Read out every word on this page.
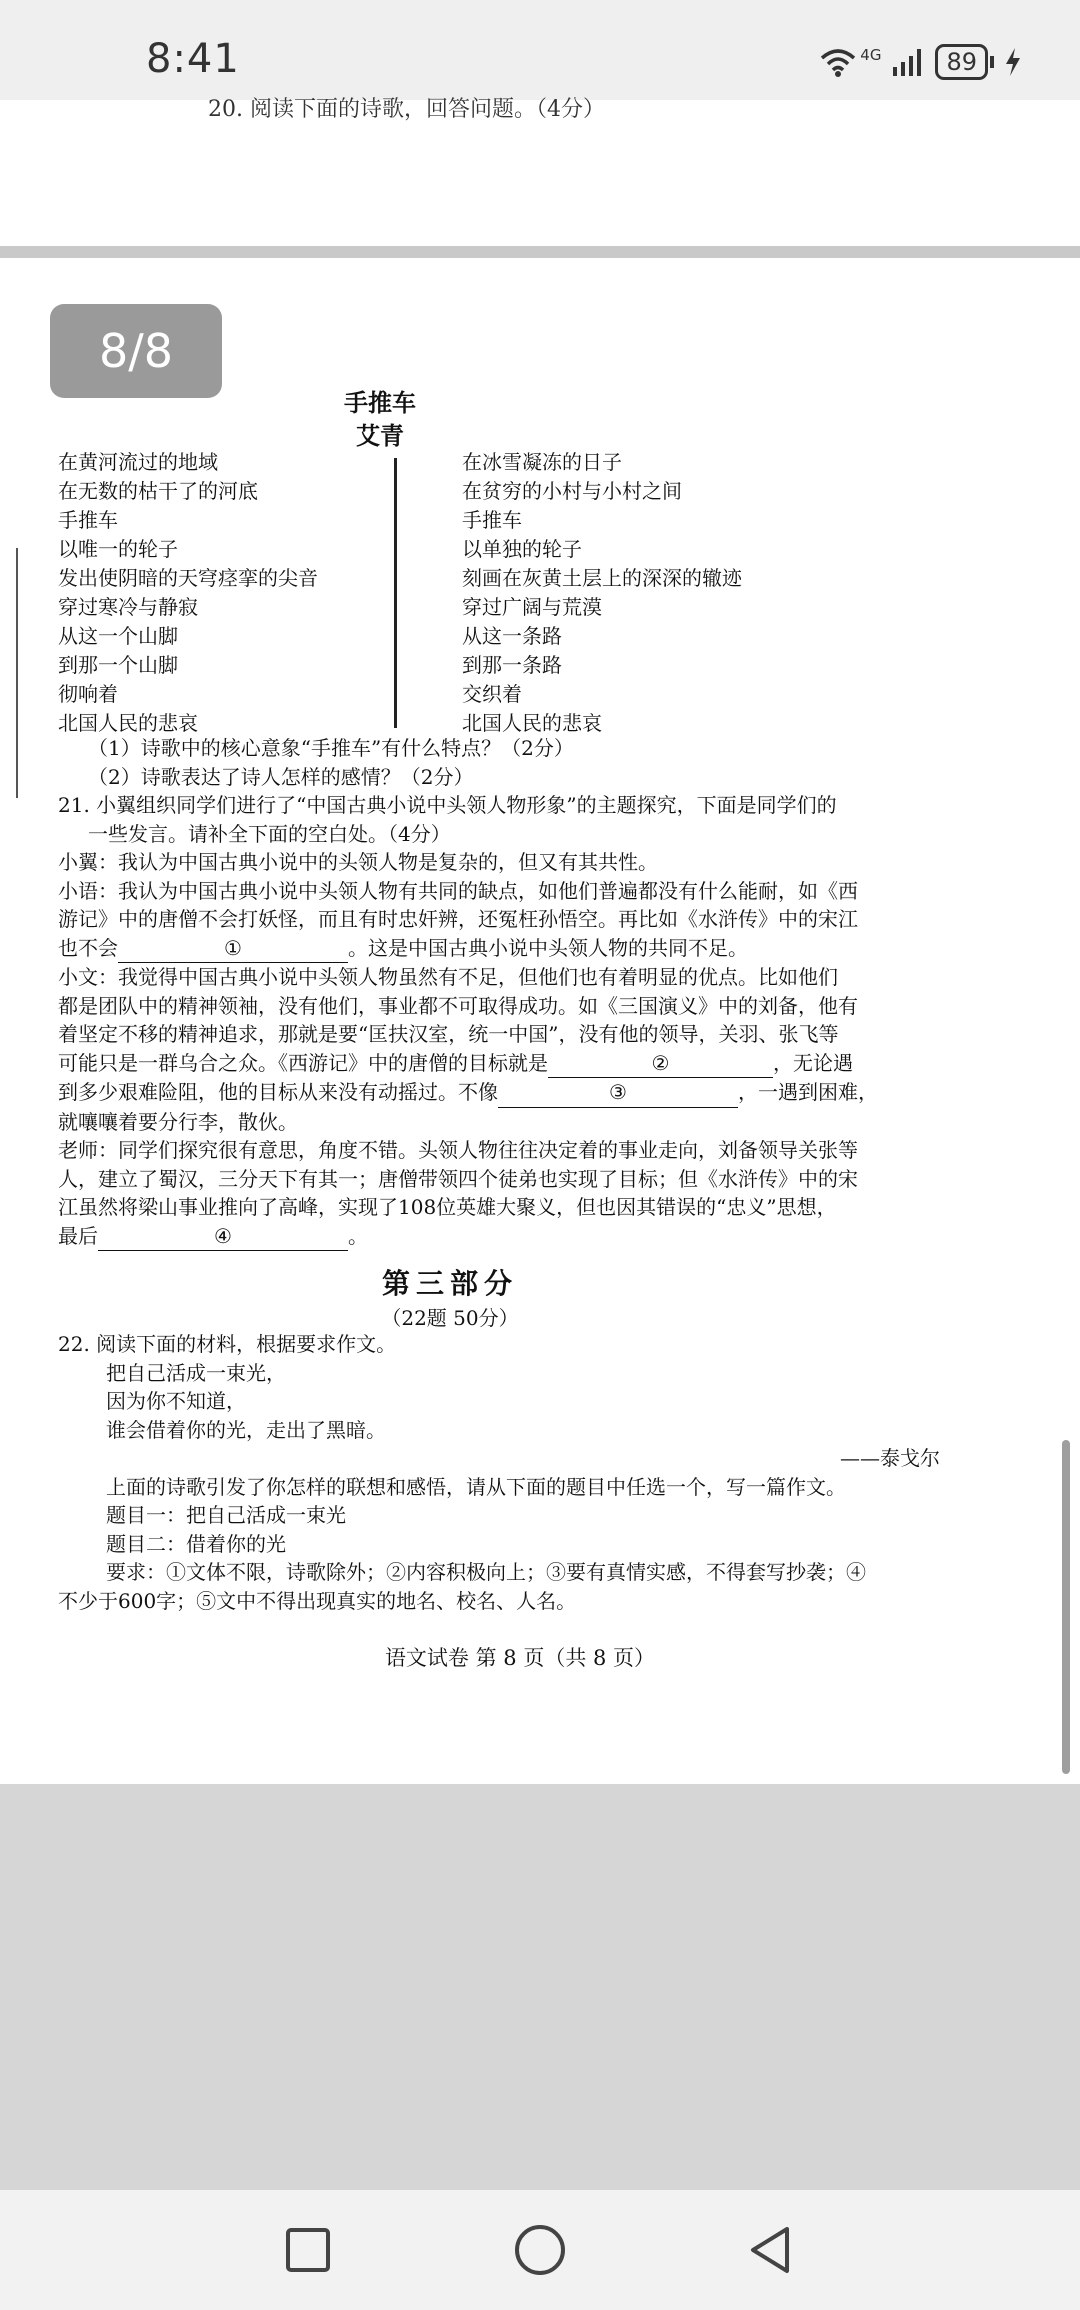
8:41	4G	89
20. 阅读下面的诗歌，回答问题。（4分）
8/8
手推车
艾青
在黄河流过的地域
在无数的枯干了的河底
手推车
以唯一的轮子
发出使阴暗的天穹痉挛的尖音
穿过寒冷与静寂
从这一个山脚
到那一个山脚
彻响着
北国人民的悲哀
在冰雪凝冻的日子
在贫穷的小村与小村之间
手推车
以单独的轮子
刻画在灰黄土层上的深深的辙迹
穿过广阔与荒漠
从这一条路
到那一条路
交织着
北国人民的悲哀

（1）诗歌中的核心意象“手推车”有什么特点？（2分）

（2）诗歌表达了诗人怎样的感情？（2分）

21. 小翼组织同学们进行了“中国古典小说中头领人物形象”的主题探究，下面是同学们的

一些发言。请补全下面的空白处。（4分）

小翼：我认为中国古典小说中的头领人物是复杂的，但又有其共性。

小语：我认为中国古典小说中头领人物有共同的缺点，如他们普遍都没有什么能耐，如《西

游记》中的唐僧不会打妖怪，而且有时忠奸辨，还冤枉孙悟空。再比如《水浒传》中的宋江

也不会	①	。这是中国古典小说中头领人物的共同不足。

小文：我觉得中国古典小说中头领人物虽然有不足，但他们也有着明显的优点。比如他们

都是团队中的精神领袖，没有他们，事业都不可取得成功。如《三国演义》中的刘备，他有

着坚定不移的精神追求，那就是要“匡扶汉室，统一中国”，没有他的领导，关羽、张飞等

可能只是一群乌合之众。《西游记》中的唐僧的目标就是	②	，无论遇

到多少艰难险阻，他的目标从来没有动摇过。不像	③	，一遇到困难，

就嚷嚷着要分行李，散伙。

老师：同学们探究很有意思，角度不错。头领人物往往决定着的事业走向，刘备领导关张等

人，建立了蜀汉，三分天下有其一；唐僧带领四个徒弟也实现了目标；但《水浒传》中的宋

江虽然将梁山事业推向了高峰，实现了108位英雄大聚义，但也因其错误的“忠义”思想，

最后	④	。

第三部分
（22题 50分）

22. 阅读下面的材料，根据要求作文。

把自己活成一束光，

因为你不知道，

谁会借着你的光，走出了黑暗。

——泰戈尔

上面的诗歌引发了你怎样的联想和感悟，请从下面的题目中任选一个，写一篇作文。

题目一：把自己活成一束光

题目二：借着你的光

要求：①文体不限，诗歌除外；②内容积极向上；③要有真情实感，不得套写抄袭；④

不少于600字；⑤文中不得出现真实的地名、校名、人名。

语文试卷 第 8 页（共 8 页）
